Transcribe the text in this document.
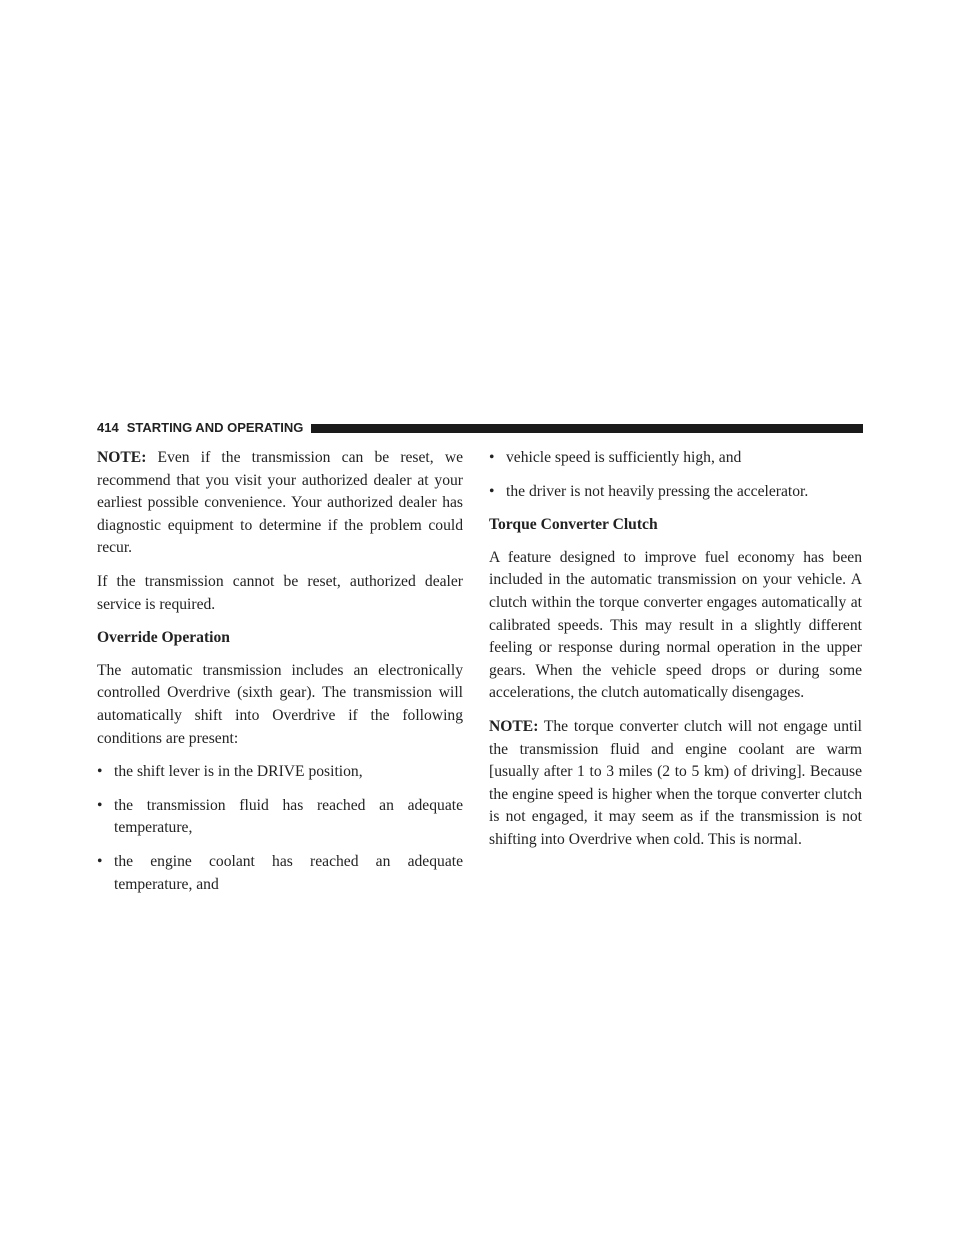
414 STARTING AND OPERATING

NOTE: Even if the transmission can be reset, we recommend that you visit your authorized dealer at your earliest possible convenience. Your authorized dealer has diagnostic equipment to determine if the problem could recur.

If the transmission cannot be reset, authorized dealer service is required.

Override Operation

The automatic transmission includes an electronically controlled Overdrive (sixth gear). The transmission will automatically shift into Overdrive if the following conditions are present:

• the shift lever is in the DRIVE position,
• the transmission fluid has reached an adequate temperature,
• the engine coolant has reached an adequate temperature, and
• vehicle speed is sufficiently high, and
• the driver is not heavily pressing the accelerator.
Torque Converter Clutch

A feature designed to improve fuel economy has been included in the automatic transmission on your vehicle. A clutch within the torque converter engages automatically at calibrated speeds. This may result in a slightly different feeling or response during normal operation in the upper gears. When the vehicle speed drops or during some accelerations, the clutch automatically disengages.

NOTE: The torque converter clutch will not engage until the transmission fluid and engine coolant are warm [usually after 1 to 3 miles (2 to 5 km) of driving]. Because the engine speed is higher when the torque converter clutch is not engaged, it may seem as if the transmission is not shifting into Overdrive when cold. This is normal.
